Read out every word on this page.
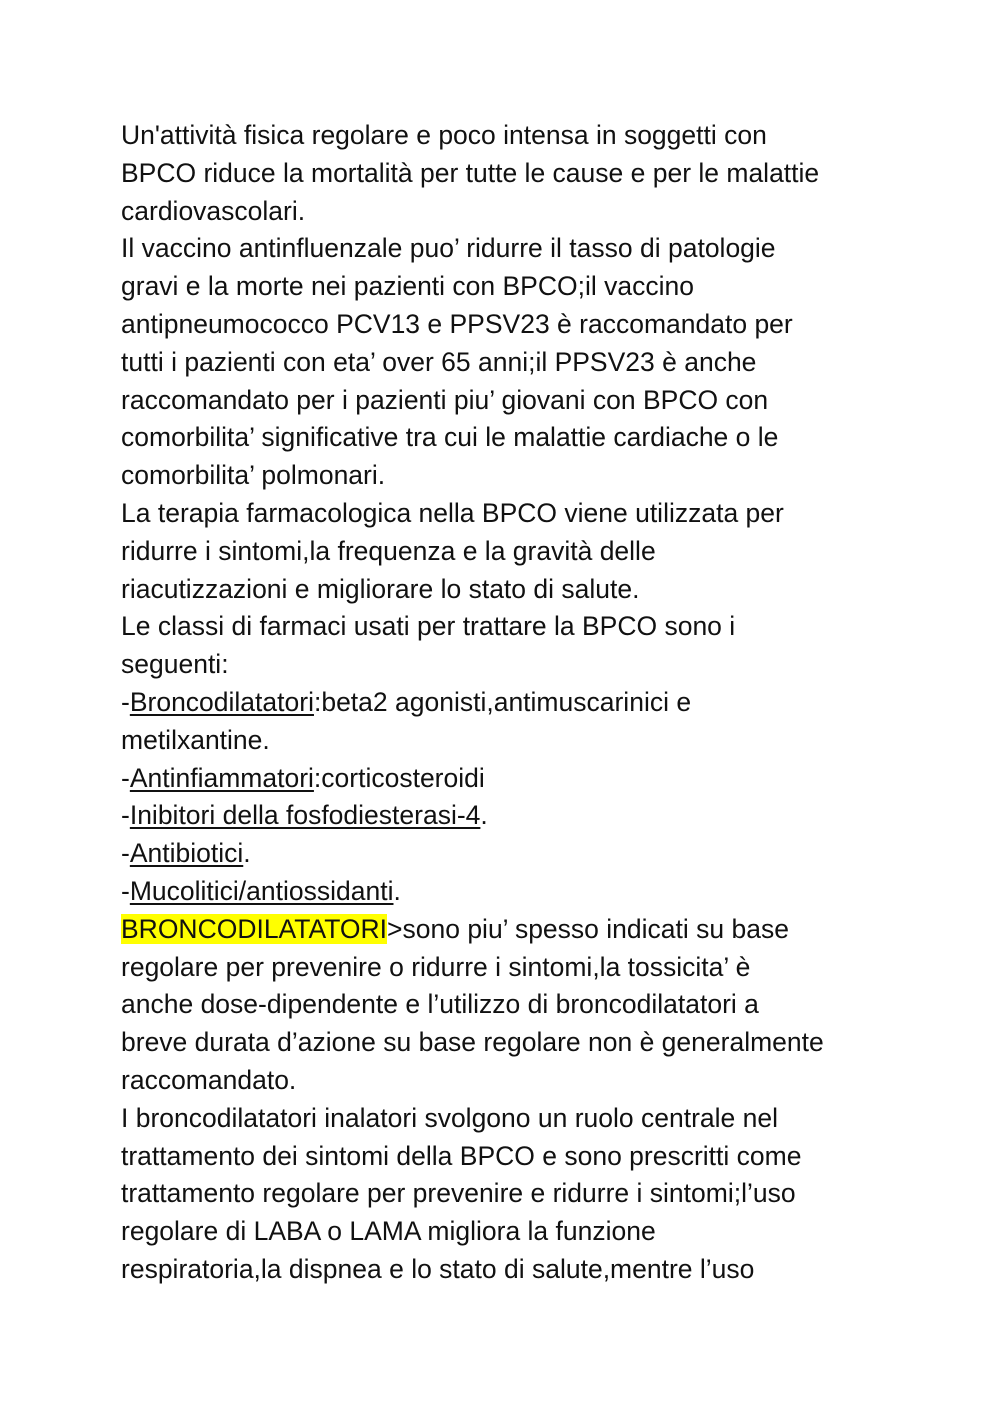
Un'attività fisica regolare e poco intensa in soggetti con
BPCO riduce la mortalità per tutte le cause e per le malattie
cardiovascolari.
Il vaccino antinfluenzale puo’ ridurre il tasso di patologie
gravi e la morte nei pazienti con BPCO;il vaccino
antipneumococco PCV13 e PPSV23 è raccomandato per
tutti i pazienti con eta’ over 65 anni;il PPSV23 è anche
raccomandato per i pazienti piu’ giovani con BPCO con
comorbilita’ significative tra cui le malattie cardiache o le
comorbilita’ polmonari.
La terapia farmacologica nella BPCO viene utilizzata per
ridurre i sintomi,la frequenza e la gravità delle
riacutizzazioni e migliorare lo stato di salute.
Le classi di farmaci usati per trattare la BPCO sono i
seguenti:
-Broncodilatatori:beta2 agonisti,antimuscarinici e
metilxantine.
-Antinfiammatori:corticosteroidi
-Inibitori della fosfodiesterasi-4.
-Antibiotici.
-Mucolitici/antiossidanti.
BRONCODILATATORI>sono piu’ spesso indicati su base
regolare per prevenire o ridurre i sintomi,la tossicita’ è
anche dose-dipendente e l’utilizzo di broncodilatatori a
breve durata d’azione su base regolare non è generalmente
raccomandato.
I broncodilatatori inalatori svolgono un ruolo centrale nel
trattamento dei sintomi della BPCO e sono prescritti come
trattamento regolare per prevenire e ridurre i sintomi;l’uso
regolare di LABA o LAMA migliora la funzione
respiratoria,la dispnea e lo stato di salute,mentre l’uso
